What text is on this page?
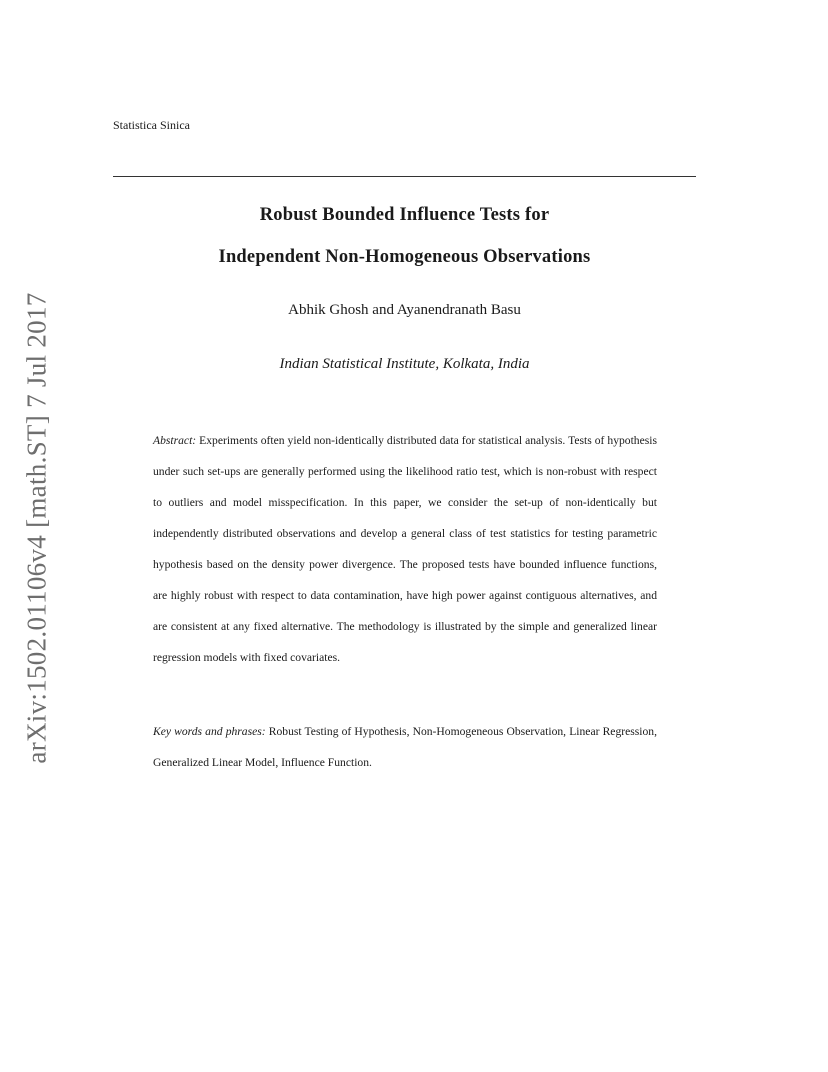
Statistica Sinica
Robust Bounded Influence Tests for
Independent Non-Homogeneous Observations
Abhik Ghosh and Ayanendranath Basu
Indian Statistical Institute, Kolkata, India
Abstract: Experiments often yield non-identically distributed data for statistical analysis. Tests of hypothesis under such set-ups are generally performed using the likelihood ratio test, which is non-robust with respect to outliers and model misspecification. In this paper, we consider the set-up of non-identically but independently distributed observations and develop a general class of test statistics for testing parametric hypothesis based on the density power divergence. The proposed tests have bounded influence functions, are highly robust with respect to data contamination, have high power against contiguous alternatives, and are consistent at any fixed alternative. The methodology is illustrated by the simple and generalized linear regression models with fixed covariates.
Key words and phrases: Robust Testing of Hypothesis, Non-Homogeneous Observation, Linear Regression, Generalized Linear Model, Influence Function.
arXiv:1502.01106v4 [math.ST] 7 Jul 2017
